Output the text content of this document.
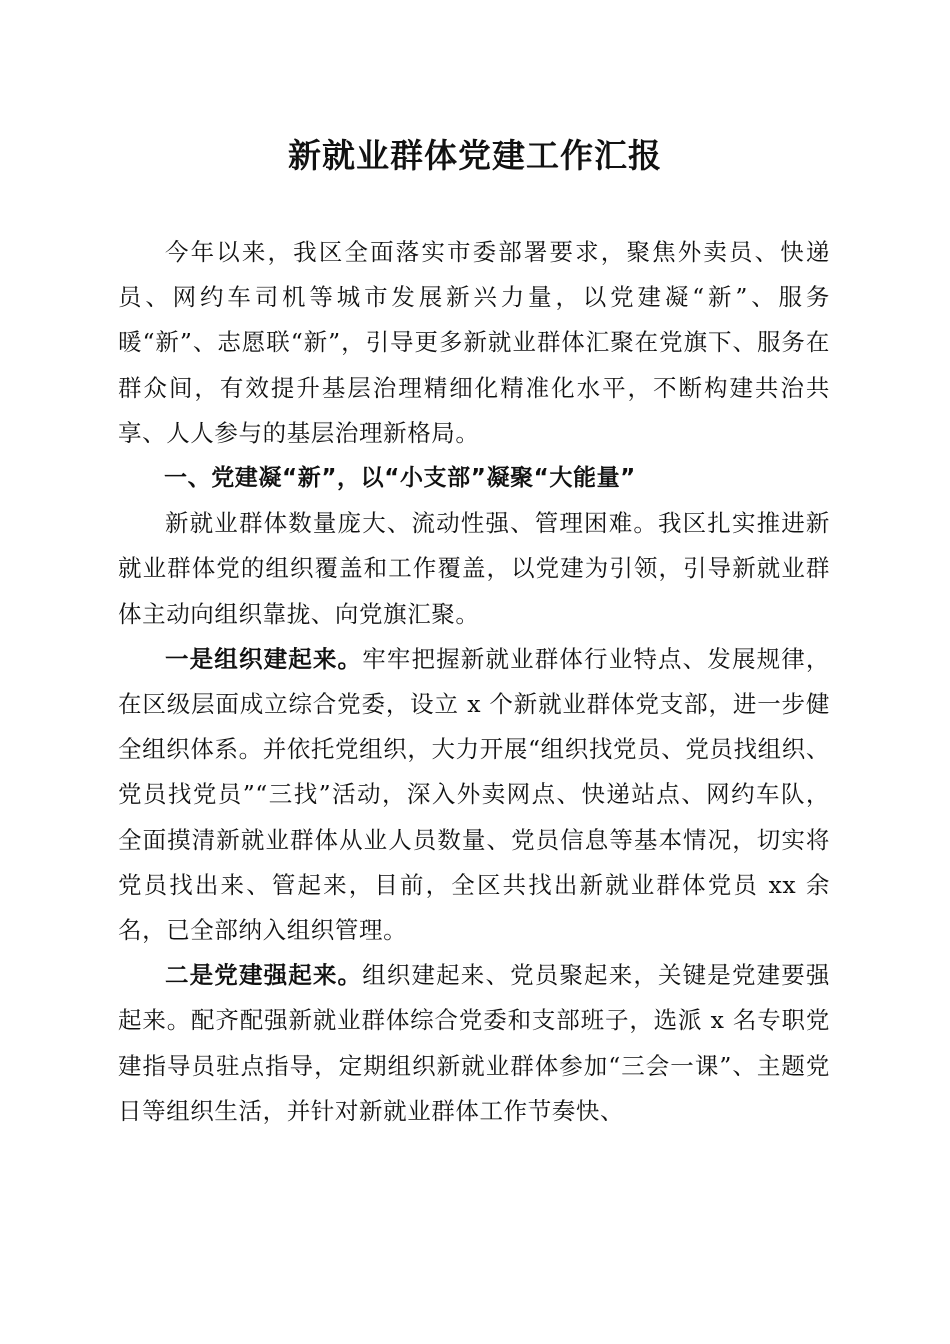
新就业群体党建工作汇报

今年以来，我区全面落实市委部署要求，聚焦外卖员、快递员、网约车司机等城市发展新兴力量，以党建凝“新”、服务暖“新”、志愿联“新”，引导更多新就业群体汇聚在党旗下、服务在群众间，有效提升基层治理精细化精准化水平，不断构建共治共享、人人参与的基层治理新格局。

一、党建凝“新”，以“小支部”凝聚“大能量”

新就业群体数量庞大、流动性强、管理困难。我区扎实推进新就业群体党的组织覆盖和工作覆盖，以党建为引领，引导新就业群体主动向组织靠拢、向党旗汇聚。

一是组织建起来。牢牢把握新就业群体行业特点、发展规律，在区级层面成立综合党委，设立 x 个新就业群体党支部，进一步健全组织体系。并依托党组织，大力开展“组织找党员、党员找组织、党员找党员”“三找”活动，深入外卖网点、快递站点、网约车队，全面摸清新就业群体从业人员数量、党员信息等基本情况，切实将党员找出来、管起来，目前，全区共找出新就业群体党员 xx 余名，已全部纳入组织管理。

二是党建强起来。组织建起来、党员聚起来，关键是党建要强起来。配齐配强新就业群体综合党委和支部班子，选派 x 名专职党建指导员驻点指导，定期组织新就业群体参加“三会一课”、主题党日等组织生活，并针对新就业群体工作节奏快、
